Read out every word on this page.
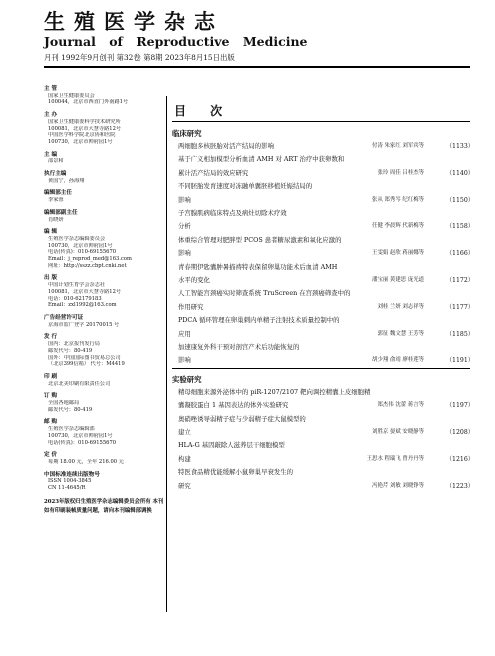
生殖医学杂志
Journal of Reproductive Medicine
月刊 1992年9月创刊 第32卷 第8期 2023年8月15日出版
主 管
国家卫生健康委员会
100044，北京市西直门外南路1号
主 办
国家卫生健康委科学技术研究所
100081，北京市大慧寺路12号
中国医学科学院北京协和医院
100730，北京市帅府园1号
主 编
邵景和
执行主编
黄国宁，孙海翔
编辑部主任
李家蓉
编辑部副主任
肖晓妍
编 辑
生殖医学杂志编辑委员会
100730，北京市帅府园1号
电话(传真)：010-69155670
Email：j_reprod_med@163.com
网址：http://sszz.cbpt.cnki.net
出 版
中国计划生育学会杂志社
100081，北京市大慧寺路12号
电话：010-62179183
Email：zxl1992@163.com
广告经营许可证
京海市监广登字 20170015 号
发 行
国内：北京报刊发行局
邮发代号：80-419
国外：中国国际图书贸易总公司
（北京399信箱） 代号：M4419
印 刷
北京北美印刷有限责任公司
订 购
全国各地邮局
邮发代号：80-419
邮 购
生殖医学杂志编辑部
100730，北京市帅府园1号
电话(传真)：010-69155670
定 价
每期 18.00 元，全年 216.00 元
中国标准连续出版物号
ISSN 1004-3845
CN 11-4645/R
2023年版权归生殖医学杂志编辑委员会所有 本刊如有印刷装帧质量问题，请向本刊编辑部调换
目 次
临床研究
两细胞多核胚胎对活产结局的影响	付涛 朱家红 刘军宾等	（1133）
基于广义相加模型分析血清 AMH 对 ART 治疗中获卵数和
累计活产结局的效应研究	张玲 周佳 吕桂杰等	（1140）
不同胚胎发育速度对冻融单囊胚移植妊娠结局的
影响	张从 郑秀岑 纪红梅等	（1150）
子宫腺肌病临床特点及病灶切除术疗效
分析	任健 李晨辉 代新梅等	（1158）
体重综合管理对肥胖型 PCOS 患者糖尿激素和氧化应激的
影响	王雯娟 赵欣 蒋丽娜等	（1166）
青春期伊匙囊肿暑描祷特表保留卵巢功能术后血清 AMH
水平的变化	潘宝丽 黄建思 庞光道	（1172）
人工智能宫颈癌实时筛查系统 TruScreen 在宫颈癌筛查中的
作用研究	刘桂 兰妍 刘志祥等	（1177）
PDCA 循环管理在卵巢刺内单精子注射技术质量控制中的
应用	郭征 魏文慧 王芳等	（1185）
加速康复外科干预对剖宫产术后功能恢复的
影响	胡少翔 俞靖 廖桂莲等	（1191）
实验研究
精母细胞来源外泌体中的 piR-1207/2107 靶向调控精囊上皮细胞精
囊凝胶蛋白 1 基因表达的体外实验研究	郑杰伟 沈蕾 蒋言等	（1197）
奥硝唑诱导弱精子症与少弱精子症大鼠模型的
建立	刘胜京 晏斌 安晓静等	（1208）
HLA-G 基因敲除人滋养层干细胞模型
构建	王思水 程瑞飞 曾丹丹等	（1216）
特医食品精优能缓解小鼠卵巢早衰发生的
研究	冯艳芹 刘敏 刘晓铮等	（1223）
